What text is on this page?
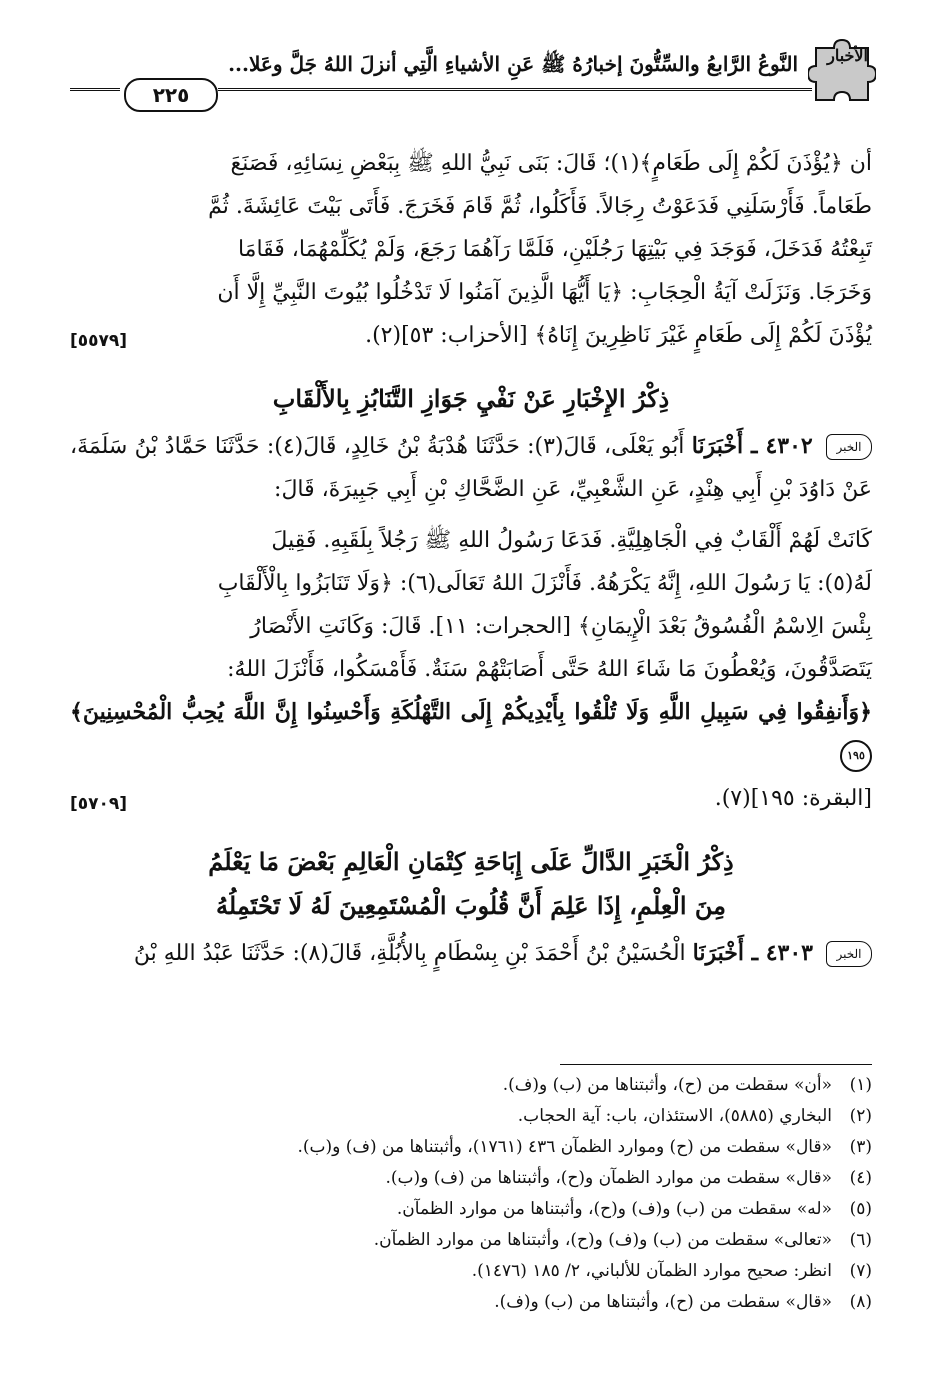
النَّوعُ الرَّابعُ والسِّتُّونَ إخبارُهُ ﷺ عَنِ الأشياءِ الَّتِي أنزلَ اللهُ جَلَّ وعَلا...
٢٢٥
الأخبار

أن ﴿يُؤْذَنَ لَكُمْ إِلَى طَعَامٍ﴾(١)؛ قَالَ: بَنَى نَبِيُّ اللهِ ﷺ بِبَعْضِ نِسَائِهِ، فَصَنَعَ

طَعَاماً. فَأَرْسَلَنِي فَدَعَوْتُ رِجَالاً. فَأَكَلُوا، ثُمَّ قَامَ فَخَرَجَ. فَأَتَى بَيْتَ عَائِشَةَ. ثُمَّ

تَبِعْتُهُ فَدَخَلَ، فَوَجَدَ فِي بَيْتِهَا رَجُلَيْنِ، فَلَمَّا رَآهُمَا رَجَعَ، وَلَمْ يُكَلِّمْهُمَا، فَقَامَا

وَخَرَجَا. وَنَزَلَتْ آيَةُ الْحِجَابِ: ﴿يَا أَيُّهَا الَّذِينَ آمَنُوا لَا تَدْخُلُوا بُيُوتَ النَّبِيِّ إِلَّا أَن

يُؤْذَنَ لَكُمْ إِلَى طَعَامٍ غَيْرَ نَاظِرِينَ إِنَاهُ﴾ [الأحزاب: ٥٣](٢).

[٥٥٧٩]

ذِكْرُ الإِخْبَارِ عَنْ نَفْيِ جَوَازِ التَّنَابُزِ بِالأَلْقَابِ

الخبر ٤٣٠٢ ـ أَخْبَرَنَا أَبُو يَعْلَى، قَالَ(٣): حَدَّثَنَا هُدْبَةُ بْنُ خَالِدٍ، قَالَ(٤): حَدَّثَنَا حَمَّادُ بْنُ سَلَمَةَ، عَنْ دَاوُدَ بْنِ أَبِي هِنْدٍ، عَنِ الشَّعْبِيِّ، عَنِ الضَّحَّاكِ بْنِ أَبِي جَبِيرَةَ، قَالَ:

كَانَتْ لَهُمْ أَلْقَابٌ فِي الْجَاهِلِيَّةِ. فَدَعَا رَسُولُ اللهِ ﷺ رَجُلاً بِلَقَبِهِ. فَقِيلَ

لَهُ(٥): يَا رَسُولَ اللهِ، إِنَّهُ يَكْرَهُهُ. فَأَنْزَلَ اللهُ تَعَالَى(٦): ﴿وَلَا تَنَابَزُوا بِالْأَلْقَابِ

بِئْسَ الِاسْمُ الْفُسُوقُ بَعْدَ الْإِيمَانِ﴾ [الحجرات: ١١]. قَالَ: وَكَانَتِ الأَنْصَارُ

يَتَصَدَّقُونَ، وَيُعْطُونَ مَا شَاءَ اللهُ حَتَّى أَصَابَتْهُمْ سَنَةٌ. فَأَمْسَكُوا، فَأَنْزَلَ اللهُ:

﴿وَأَنفِقُوا فِي سَبِيلِ اللَّهِ وَلَا تُلْقُوا بِأَيْدِيكُمْ إِلَى التَّهْلُكَةِ وَأَحْسِنُوا إِنَّ اللَّهَ يُحِبُّ الْمُحْسِنِينَ﴾ ١٩٥

[البقرة: ١٩٥](٧).

[٥٧٠٩]

ذِكْرُ الْخَبَرِ الدَّالِّ عَلَى إِبَاحَةِ كِتْمَانِ الْعَالِمِ بَعْضَ مَا يَعْلَمُ

مِنَ الْعِلْمِ، إِذَا عَلِمَ أَنَّ قُلُوبَ الْمُسْتَمِعِينَ لَهُ لَا تَحْتَمِلُهُ

الخبر ٤٣٠٣ ـ أَخْبَرَنَا الْحُسَيْنُ بْنُ أَحْمَدَ بْنِ بِسْطَامٍ بِالأُبُلَّةِ، قَالَ(٨): حَدَّثَنَا عَبْدُ اللهِ بْنُ

(١)«أن» سقطت من (ح)، وأثبتناها من (ب) و(ف).
(٢)البخاري (٥٨٨٥)، الاستئذان، باب: آية الحجاب.
(٣)«قال» سقطت من (ح) وموارد الظمآن ٤٣٦ (١٧٦١)، وأثبتناها من (ف) و(ب).
(٤)«قال» سقطت من موارد الظمآن و(ح)، وأثبتناها من (ف) و(ب).
(٥)«له» سقطت من (ب) و(ف) و(ح)، وأثبتناها من موارد الظمآن.
(٦)«تعالى» سقطت من (ب) و(ف) و(ح)، وأثبتناها من موارد الظمآن.
(٧)انظر: صحيح موارد الظمآن للألباني، ٢/ ١٨٥ (١٤٧٦).
(٨)«قال» سقطت من (ح)، وأثبتناها من (ب) و(ف).
